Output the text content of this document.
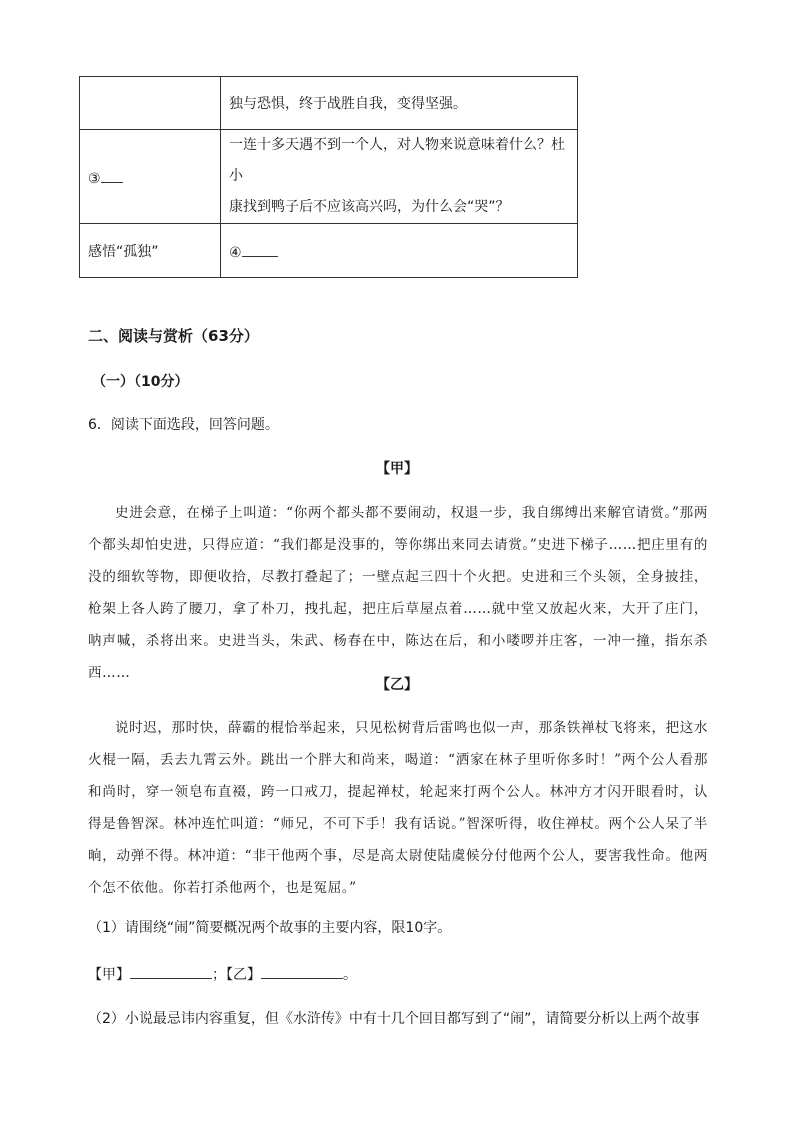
	独与恐惧，终于战胜自我，变得坚强。
③	一连十多天遇不到一个人，对人物来说意味着什么？杜小
康找到鸭子后不应该高兴吗，为什么会“哭”？

感悟“孤独”	④
二、阅读与赏析（63分）
（一）（10分）
6．阅读下面选段，回答问题。
【甲】

史进会意，在梯子上叫道：“你两个都头都不要闹动，权退一步，我自绑缚出来解官请赏。”那两个都头却怕史进，只得应道：“我们都是没事的，等你绑出来同去请赏。”史进下梯子……把庄里有的没的细软等物，即便收拾，尽教打叠起了；一壁点起三四十个火把。史进和三个头领，全身披挂，枪架上各人跨了腰刀，拿了朴刀，拽扎起，把庄后草屋点着……就中堂又放起火来，大开了庄门，呐声喊，杀将出来。史进当头，朱武、杨春在中，陈达在后，和小喽啰并庄客，一冲一撞，指东杀西……

【乙】

说时迟，那时快，薛霸的棍恰举起来，只见松树背后雷鸣也似一声，那条铁禅杖飞将来，把这水火棍一隔，丢去九霄云外。跳出一个胖大和尚来，喝道：“洒家在林子里听你多时！”两个公人看那和尚时，穿一领皂布直裰，跨一口戒刀，提起禅杖，轮起来打两个公人。林冲方才闪开眼看时，认得是鲁智深。林冲连忙叫道：“师兄，不可下手！我有话说。”智深听得，收住禅杖。两个公人呆了半晌，动弹不得。林冲道：“非干他两个事，尽是高太尉使陆虞候分付他两个公人，要害我性命。他两个怎不依他。你若打杀他两个，也是冤屈。”

（1）请围绕“闹”简要概况两个故事的主要内容，限10字。
【甲】	；【乙】	。
（2）小说最忌讳内容重复，但《水浒传》中有十几个回目都写到了“闹”，请简要分析以上两个故事
